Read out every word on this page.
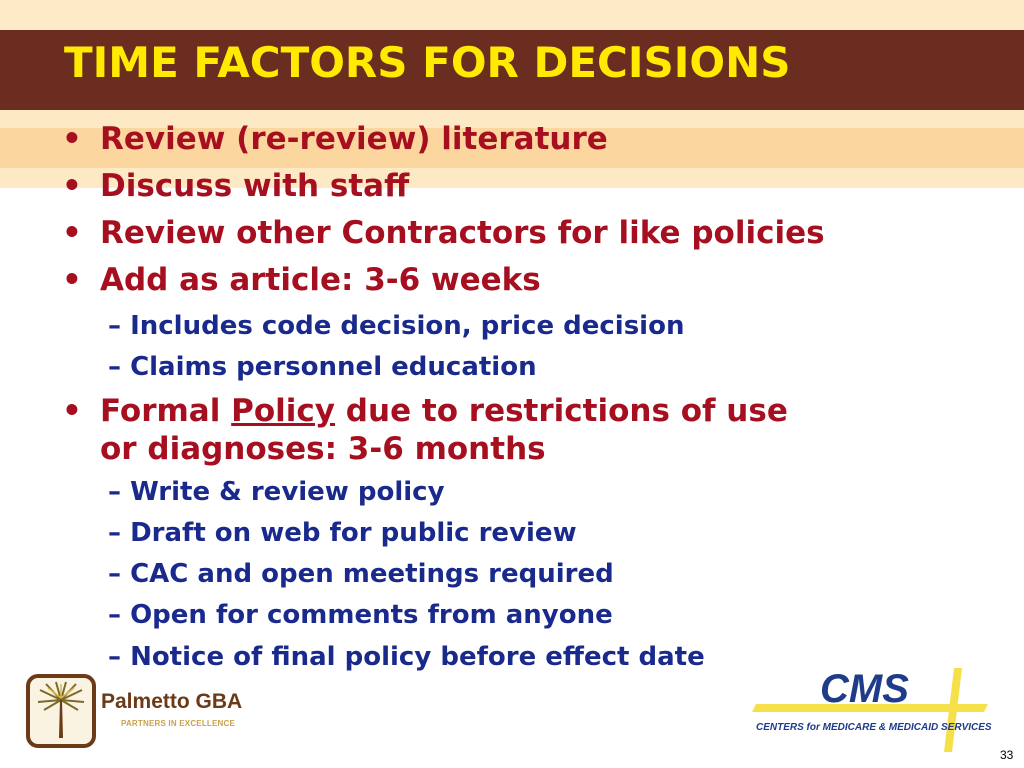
TIME FACTORS FOR DECISIONS
• Review (re-review) literature
• Discuss with staff
• Review other Contractors for like policies
• Add as article: 3-6 weeks
– Includes code decision, price decision
– Claims personnel education
• Formal Policy due to restrictions of use
or diagnoses: 3-6 months
– Write & review policy
– Draft on web for public review
– CAC and open meetings required
– Open for comments from anyone
– Notice of final policy before effect date
Palmetto GBA
PARTNERS IN EXCELLENCE
CMS
CENTERS for MEDICARE & MEDICAID SERVICES
33
